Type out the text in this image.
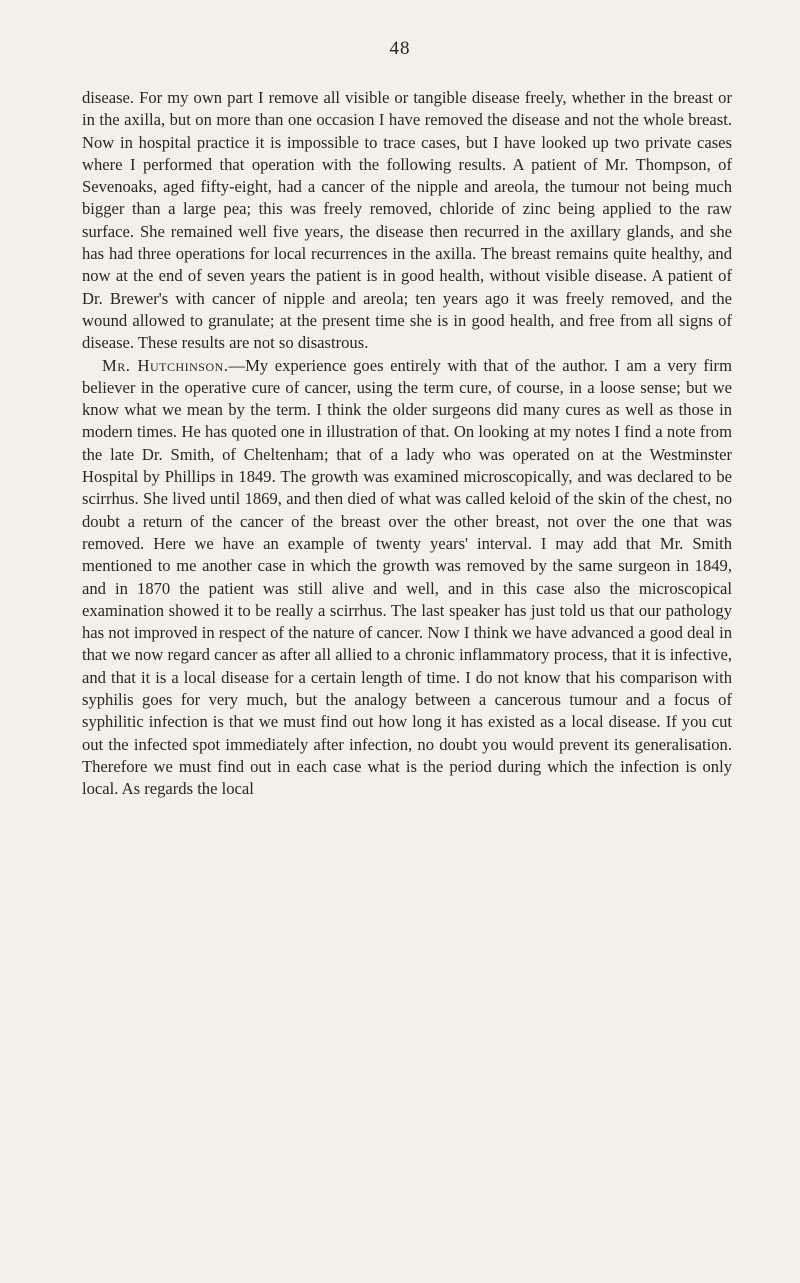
48

disease. For my own part I remove all visible or tangible disease freely, whether in the breast or in the axilla, but on more than one occasion I have removed the disease and not the whole breast. Now in hospital practice it is impossible to trace cases, but I have looked up two private cases where I performed that operation with the following results. A patient of Mr. Thompson, of Sevenoaks, aged fifty-eight, had a cancer of the nipple and areola, the tumour not being much bigger than a large pea; this was freely removed, chloride of zinc being applied to the raw surface. She remained well five years, the disease then recurred in the axillary glands, and she has had three operations for local recurrences in the axilla. The breast remains quite healthy, and now at the end of seven years the patient is in good health, without visible disease. A patient of Dr. Brewer's with cancer of nipple and areola; ten years ago it was freely removed, and the wound allowed to granulate; at the present time she is in good health, and free from all signs of disease. These results are not so disastrous.

Mr. Hutchinson.—My experience goes entirely with that of the author. I am a very firm believer in the operative cure of cancer, using the term cure, of course, in a loose sense; but we know what we mean by the term. I think the older surgeons did many cures as well as those in modern times. He has quoted one in illustration of that. On looking at my notes I find a note from the late Dr. Smith, of Cheltenham; that of a lady who was operated on at the Westminster Hospital by Phillips in 1849. The growth was examined microscopically, and was declared to be scirrhus. She lived until 1869, and then died of what was called keloid of the skin of the chest, no doubt a return of the cancer of the breast over the other breast, not over the one that was removed. Here we have an example of twenty years' interval. I may add that Mr. Smith mentioned to me another case in which the growth was removed by the same surgeon in 1849, and in 1870 the patient was still alive and well, and in this case also the microscopical examination showed it to be really a scirrhus. The last speaker has just told us that our pathology has not improved in respect of the nature of cancer. Now I think we have advanced a good deal in that we now regard cancer as after all allied to a chronic inflammatory process, that it is infective, and that it is a local disease for a certain length of time. I do not know that his comparison with syphilis goes for very much, but the analogy between a cancerous tumour and a focus of syphilitic infection is that we must find out how long it has existed as a local disease. If you cut out the infected spot immediately after infection, no doubt you would prevent its generalisation. Therefore we must find out in each case what is the period during which the infection is only local. As regards the local
